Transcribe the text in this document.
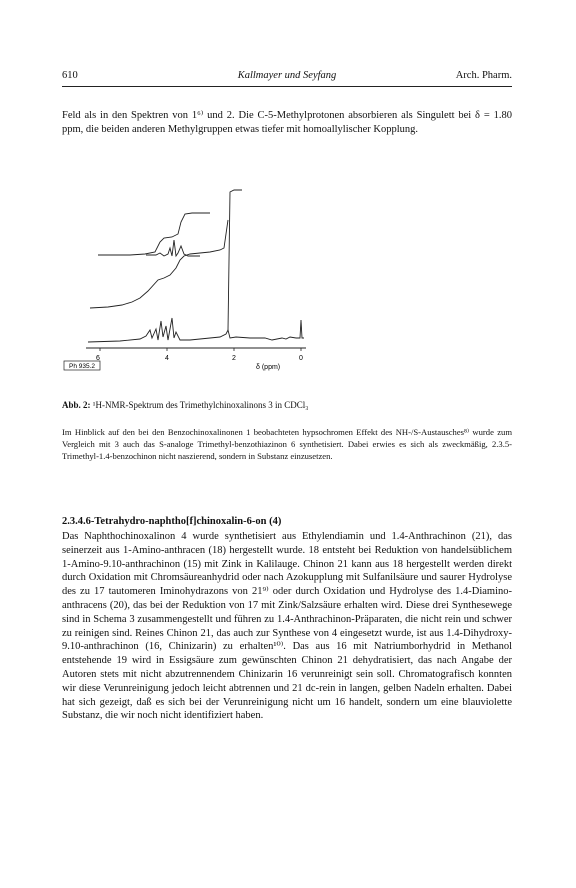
610	Kallmayer und Seyfang	Arch. Pharm.

Feld als in den Spektren von 1⁶⁾ und 2. Die C-5-Methylprotonen absorbieren als Singulett bei δ = 1.80 ppm, die beiden anderen Methylgruppen etwas tiefer mit homoallylischer Kopplung.

6	4	2	0
δ (ppm)
Ph 935.2
Abb. 2: ¹H-NMR-Spektrum des Trimethylchinoxalinons 3 in CDCl₃

Im Hinblick auf den bei den Benzochinoxalinonen 1 beobachteten hypsochromen Effekt des NH-/S-Austausches⁸⁾ wurde zum Vergleich mit 3 auch das S-analoge Trimethyl-benzothiazinon 6 synthetisiert. Dabei erwies es sich als zweckmäßig, 2.3.5-Trimethyl-1.4-benzochinon nicht naszierend, sondern in Substanz einzusetzen.

2.3.4.6-Tetrahydro-naphtho[f]chinoxalin-6-on (4)

Das Naphthochinoxalinon 4 wurde synthetisiert aus Ethylendiamin und 1.4-Anthrachinon (21), das seinerzeit aus 1-Amino-anthracen (18) hergestellt wurde. 18 entsteht bei Reduktion von handelsüblichem 1-Amino-9.10-anthrachinon (15) mit Zink in Kalilauge. Chinon 21 kann aus 18 hergestellt werden direkt durch Oxidation mit Chromsäureanhydrid oder nach Azokupplung mit Sulfanilsäure und saurer Hydrolyse des zu 17 tautomeren Iminohydrazons von 21⁹⁾ oder durch Oxidation und Hydrolyse des 1.4-Diamino-anthracens (20), das bei der Reduktion von 17 mit Zink/Salzsäure erhalten wird. Diese drei Synthesewege sind in Schema 3 zusammengestellt und führen zu 1.4-Anthrachinon-Präparaten, die nicht rein und schwer zu reinigen sind. Reines Chinon 21, das auch zur Synthese von 4 eingesetzt wurde, ist aus 1.4-Dihydroxy-9.10-anthrachinon (16, Chinizarin) zu erhalten¹⁰⁾. Das aus 16 mit Natriumborhydrid in Methanol entstehende 19 wird in Essigsäure zum gewünschten Chinon 21 dehydratisiert, das nach Angabe der Autoren stets mit nicht abzutrennendem Chinizarin 16 verunreinigt sein soll. Chromatografisch konnten wir diese Verunreinigung jedoch leicht abtrennen und 21 dc-rein in langen, gelben Nadeln erhalten. Dabei hat sich gezeigt, daß es sich bei der Verunreinigung nicht um 16 handelt, sondern um eine blauviolette Substanz, die wir noch nicht identifiziert haben.
